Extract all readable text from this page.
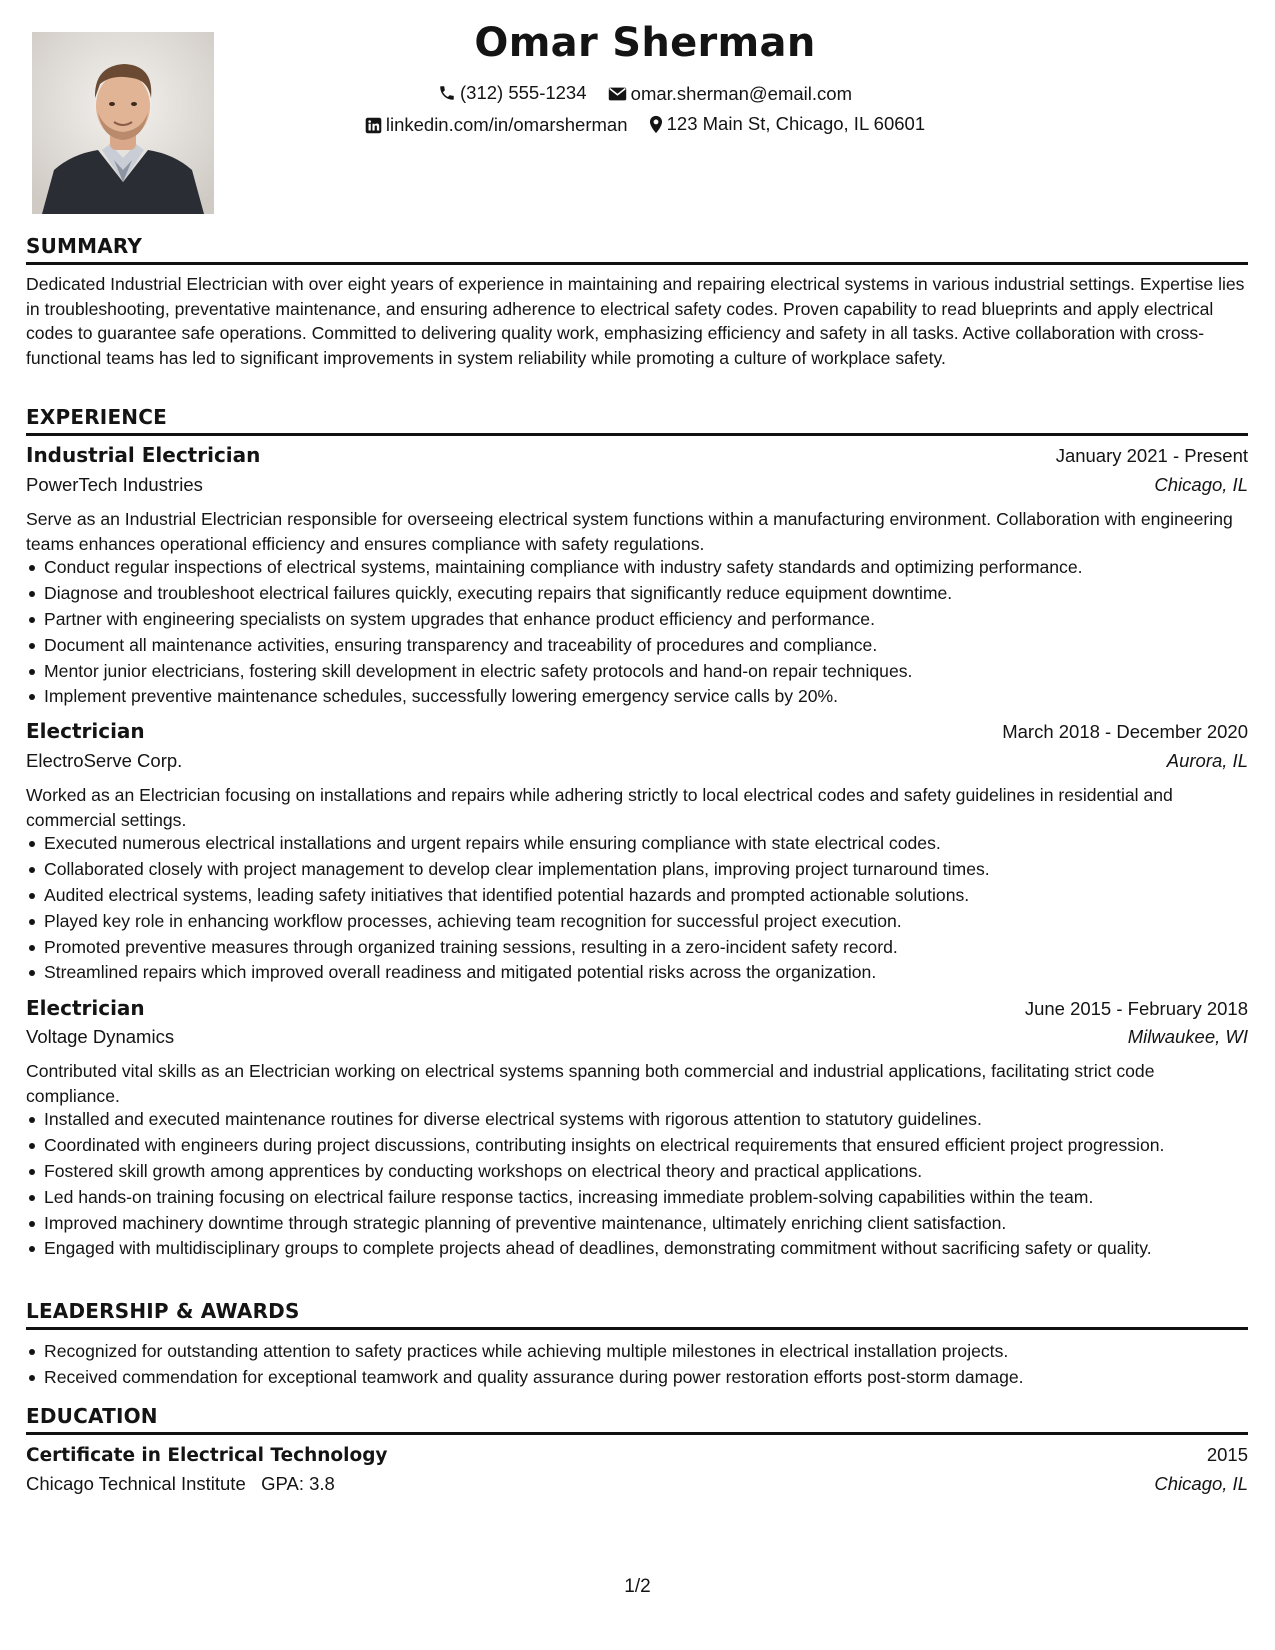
Omar Sherman
(312) 555-1234
omar.sherman@email.com
linkedin.com/in/omarsherman
123 Main St, Chicago, IL 60601
SUMMARY
Dedicated Industrial Electrician with over eight years of experience in maintaining and repairing electrical systems in various industrial settings. Expertise lies in troubleshooting, preventative maintenance, and ensuring adherence to electrical safety codes. Proven capability to read blueprints and apply electrical codes to guarantee safe operations. Committed to delivering quality work, emphasizing efficiency and safety in all tasks. Active collaboration with cross-functional teams has led to significant improvements in system reliability while promoting a culture of workplace safety.
EXPERIENCE
Industrial Electrician	January 2021 - Present
PowerTech Industries	Chicago, IL
Serve as an Industrial Electrician responsible for overseeing electrical system functions within a manufacturing environment. Collaboration with engineering teams enhances operational efficiency and ensures compliance with safety regulations.
Conduct regular inspections of electrical systems, maintaining compliance with industry safety standards and optimizing performance.
Diagnose and troubleshoot electrical failures quickly, executing repairs that significantly reduce equipment downtime.
Partner with engineering specialists on system upgrades that enhance product efficiency and performance.
Document all maintenance activities, ensuring transparency and traceability of procedures and compliance.
Mentor junior electricians, fostering skill development in electric safety protocols and hand-on repair techniques.
Implement preventive maintenance schedules, successfully lowering emergency service calls by 20%.
Electrician	March 2018 - December 2020
ElectroServe Corp.	Aurora, IL
Worked as an Electrician focusing on installations and repairs while adhering strictly to local electrical codes and safety guidelines in residential and commercial settings.
Executed numerous electrical installations and urgent repairs while ensuring compliance with state electrical codes.
Collaborated closely with project management to develop clear implementation plans, improving project turnaround times.
Audited electrical systems, leading safety initiatives that identified potential hazards and prompted actionable solutions.
Played key role in enhancing workflow processes, achieving team recognition for successful project execution.
Promoted preventive measures through organized training sessions, resulting in a zero-incident safety record.
Streamlined repairs which improved overall readiness and mitigated potential risks across the organization.
Electrician	June 2015 - February 2018
Voltage Dynamics	Milwaukee, WI
Contributed vital skills as an Electrician working on electrical systems spanning both commercial and industrial applications, facilitating strict code compliance.
Installed and executed maintenance routines for diverse electrical systems with rigorous attention to statutory guidelines.
Coordinated with engineers during project discussions, contributing insights on electrical requirements that ensured efficient project progression.
Fostered skill growth among apprentices by conducting workshops on electrical theory and practical applications.
Led hands-on training focusing on electrical failure response tactics, increasing immediate problem-solving capabilities within the team.
Improved machinery downtime through strategic planning of preventive maintenance, ultimately enriching client satisfaction.
Engaged with multidisciplinary groups to complete projects ahead of deadlines, demonstrating commitment without sacrificing safety or quality.
LEADERSHIP & AWARDS
Recognized for outstanding attention to safety practices while achieving multiple milestones in electrical installation projects.
Received commendation for exceptional teamwork and quality assurance during power restoration efforts post-storm damage.
EDUCATION
Certificate in Electrical Technology	2015
Chicago Technical Institute GPA: 3.8	Chicago, IL
1/2
